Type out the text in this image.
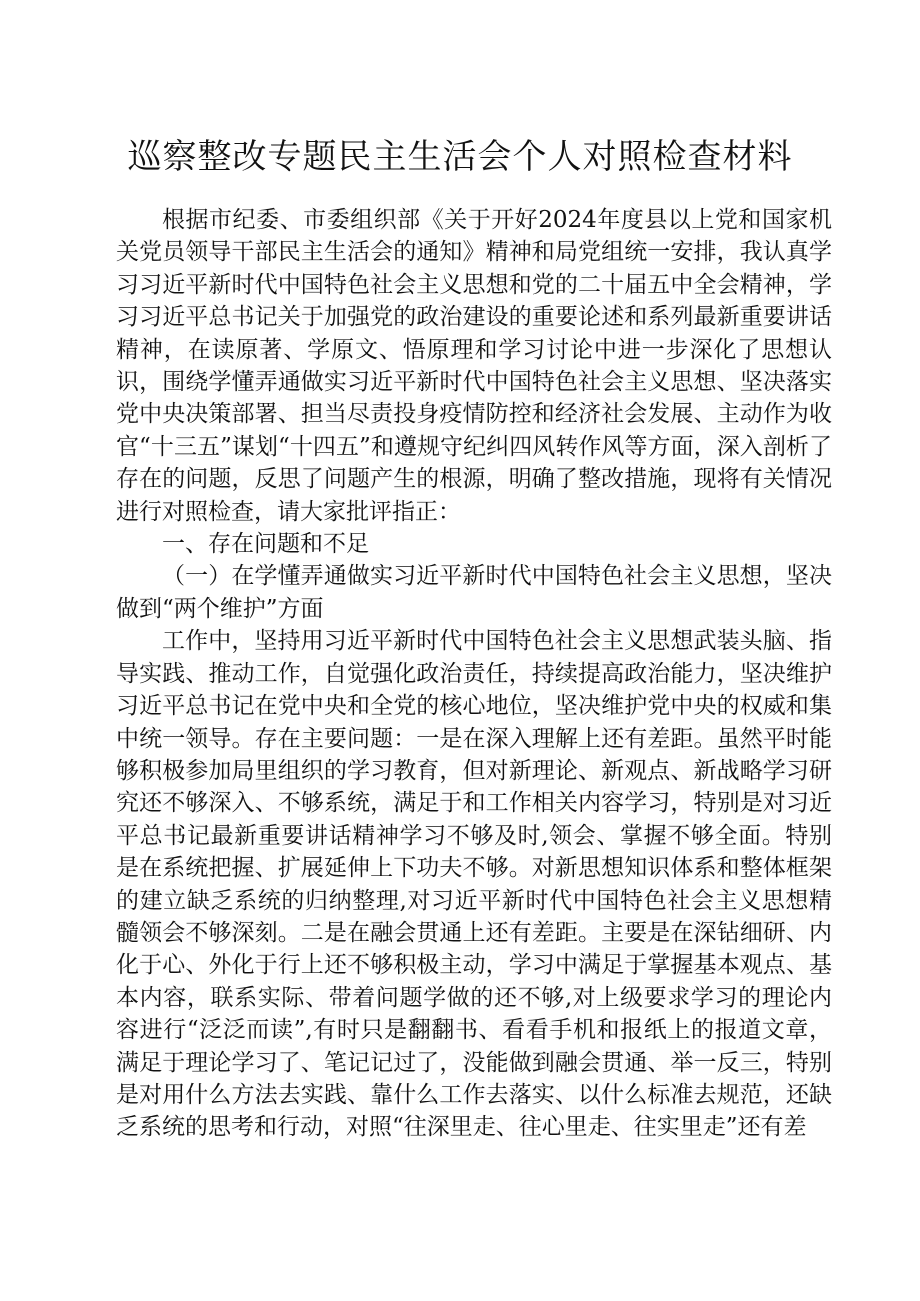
巡察整改专题民主生活会个人对照检查材料

根据市纪委、市委组织部《关于开好2024年度县以上党和国家机关党员领导干部民主生活会的通知》精神和局党组统一安排，我认真学习习近平新时代中国特色社会主义思想和党的二十届五中全会精神，学习习近平总书记关于加强党的政治建设的重要论述和系列最新重要讲话精神，在读原著、学原文、悟原理和学习讨论中进一步深化了思想认识，围绕学懂弄通做实习近平新时代中国特色社会主义思想、坚决落实党中央决策部署、担当尽责投身疫情防控和经济社会发展、主动作为收官“十三五”谋划“十四五”和遵规守纪纠四风转作风等方面，深入剖析了存在的问题，反思了问题产生的根源，明确了整改措施，现将有关情况进行对照检查，请大家批评指正：

一、存在问题和不足

（一）在学懂弄通做实习近平新时代中国特色社会主义思想，坚决做到“两个维护”方面

工作中，坚持用习近平新时代中国特色社会主义思想武装头脑、指导实践、推动工作，自觉强化政治责任，持续提高政治能力，坚决维护习近平总书记在党中央和全党的核心地位，坚决维护党中央的权威和集中统一领导。存在主要问题：一是在深入理解上还有差距。虽然平时能够积极参加局里组织的学习教育，但对新理论、新观点、新战略学习研究还不够深入、不够系统，满足于和工作相关内容学习，特别是对习近平总书记最新重要讲话精神学习不够及时,领会、掌握不够全面。特别是在系统把握、扩展延伸上下功夫不够。对新思想知识体系和整体框架的建立缺乏系统的归纳整理,对习近平新时代中国特色社会主义思想精髓领会不够深刻。二是在融会贯通上还有差距。主要是在深钻细研、内化于心、外化于行上还不够积极主动，学习中满足于掌握基本观点、基本内容，联系实际、带着问题学做的还不够,对上级要求学习的理论内容进行“泛泛而读”,有时只是翻翻书、看看手机和报纸上的报道文章，满足于理论学习了、笔记记过了，没能做到融会贯通、举一反三，特别是对用什么方法去实践、靠什么工作去落实、以什么标准去规范，还缺乏系统的思考和行动，对照“往深里走、往心里走、往实里走”还有差
